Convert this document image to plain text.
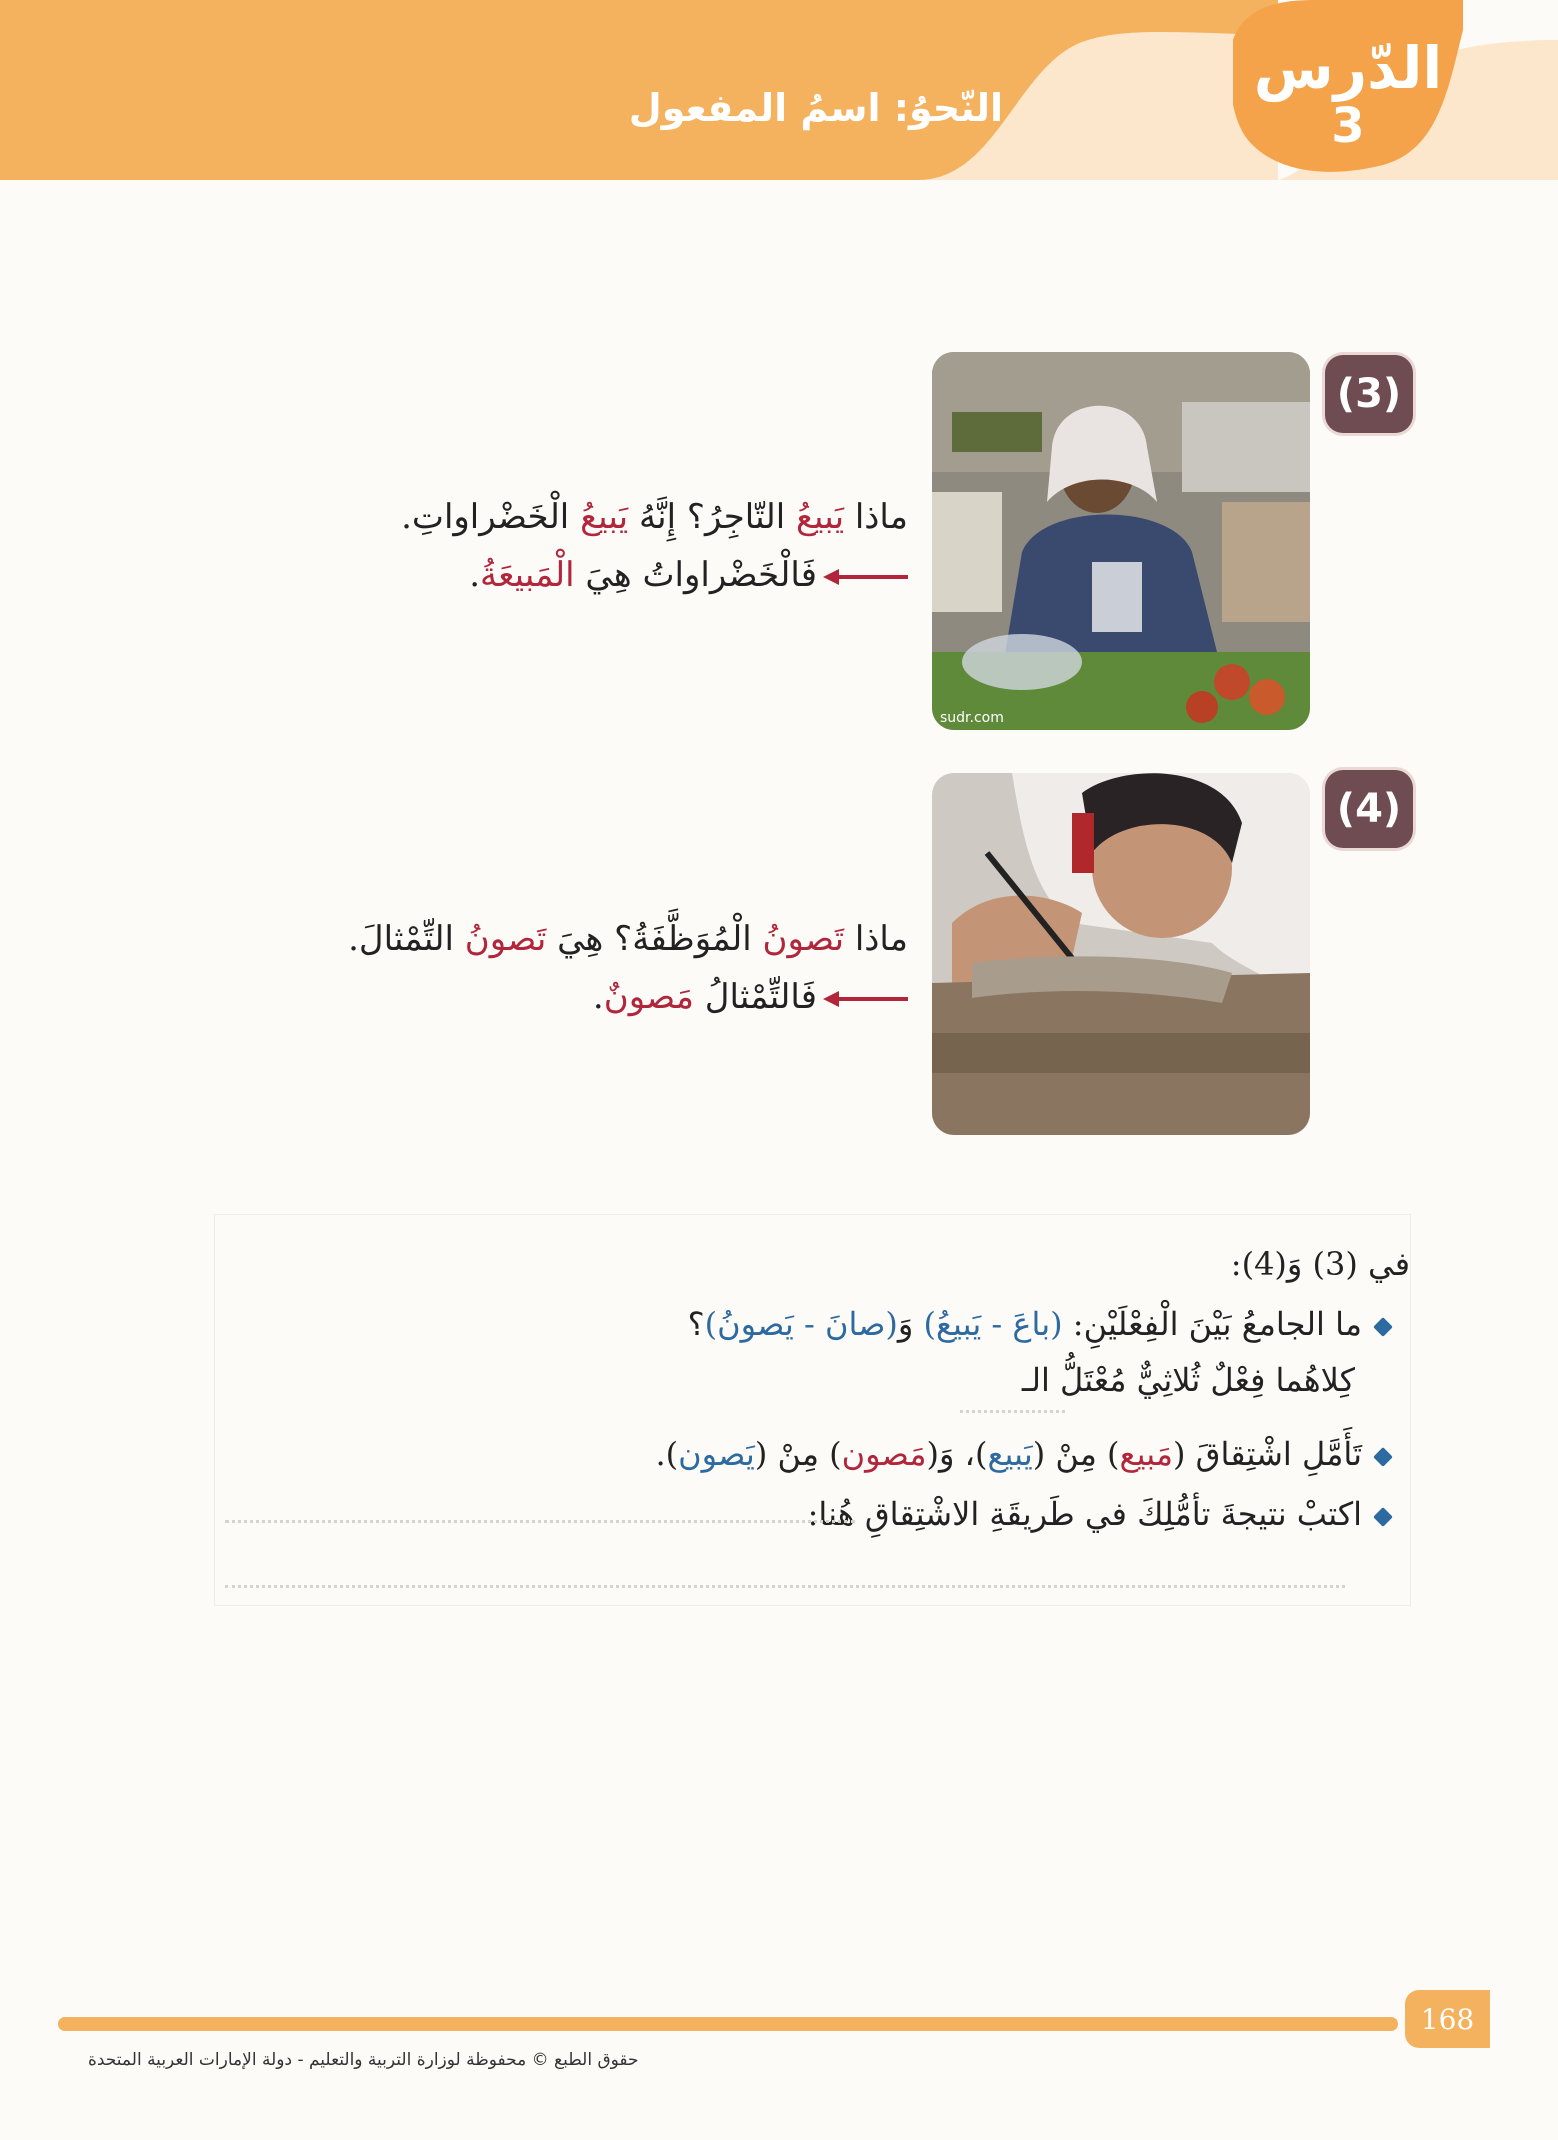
الدّرس
3
النّحوُ: اسمُ المفعول
(3)
sudr.com
ماذا يَبيعُ التّاجِرُ؟ إِنَّهُ يَبيعُ الْخَضْراواتِ.
فَالْخَضْراواتُ هِيَ الْمَبيعَةُ.
(4)
ماذا تَصونُ الْمُوَظَّفَةُ؟ هِيَ تَصونُ التِّمْثالَ.
فَالتِّمْثالُ مَصونٌ.
في (3) وَ(4):
ما الجامعُ بَيْنَ الْفِعْلَيْنِ: (باعَ - يَبيعُ) وَ(صانَ - يَصونُ)؟
كِلاهُما فِعْلٌ ثُلاثِيٌّ مُعْتَلُّ الـ
تَأَمَّلِ اشْتِقاقَ (مَبيع) مِنْ (يَبيع)، وَ(مَصون) مِنْ (يَصون).
اكتبْ نتيجةَ تأمُّلِكَ في طَريقَةِ الاشْتِقاقِ هُنا:
168
حقوق الطبع © محفوظة لوزارة التربية والتعليم - دولة الإمارات العربية المتحدة
